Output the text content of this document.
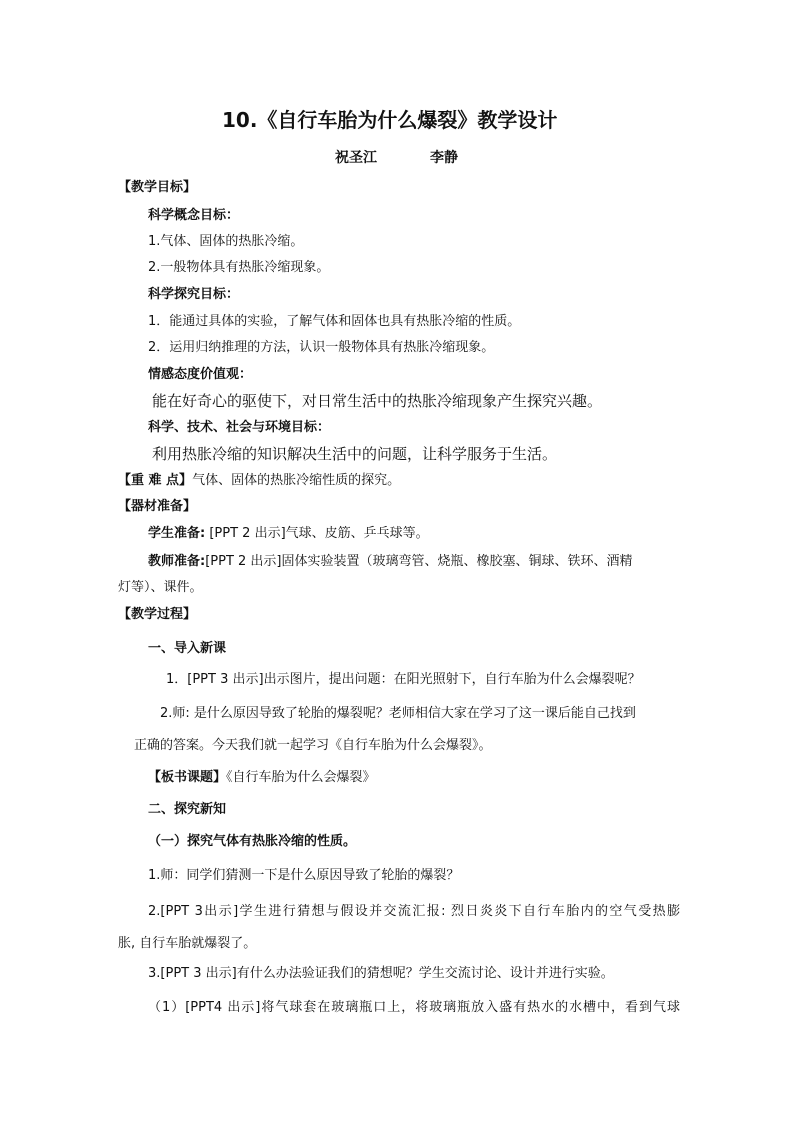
10.《自行车胎为什么爆裂》教学设计
祝圣江	李静
【教学目标】
科学概念目标：
1.气体、固体的热胀冷缩。
2.一般物体具有热胀冷缩现象。
科学探究目标：
1．能通过具体的实验，了解气体和固体也具有热胀冷缩的性质。
2．运用归纳推理的方法，认识一般物体具有热胀冷缩现象。
情感态度价值观：
能在好奇心的驱使下，对日常生活中的热胀冷缩现象产生探究兴趣。
科学、技术、社会与环境目标：
利用热胀冷缩的知识解决生活中的问题，让科学服务于生活。
【重 难 点】气体、固体的热胀冷缩性质的探究。
【器材准备】
学生准备: [PPT 2 出示]气球、皮筋、乒乓球等。
教师准备:[PPT 2 出示]固体实验装置（玻璃弯管、烧瓶、橡胶塞、铜球、铁环、酒精
灯等）、课件。
【教学过程】
一、导入新课
1．[PPT 3 出示]出示图片，提出问题：在阳光照射下，自行车胎为什么会爆裂呢？
2.师: 是什么原因导致了轮胎的爆裂呢？老师相信大家在学习了这一课后能自己找到
正确的答案。今天我们就一起学习《自行车胎为什么会爆裂》。
【板书课题】《自行车胎为什么会爆裂》
二、探究新知
（一）探究气体有热胀冷缩的性质。
1.师：同学们猜测一下是什么原因导致了轮胎的爆裂？
2.[PPT 3出示]学生进行猜想与假设并交流汇报: 烈日炎炎下自行车胎内的空气受热膨
胀, 自行车胎就爆裂了。
3.[PPT 3 出示]有什么办法验证我们的猜想呢？学生交流讨论、设计并进行实验。
（1）[PPT4 出示]将气球套在玻璃瓶口上，将玻璃瓶放入盛有热水的水槽中，看到气球
